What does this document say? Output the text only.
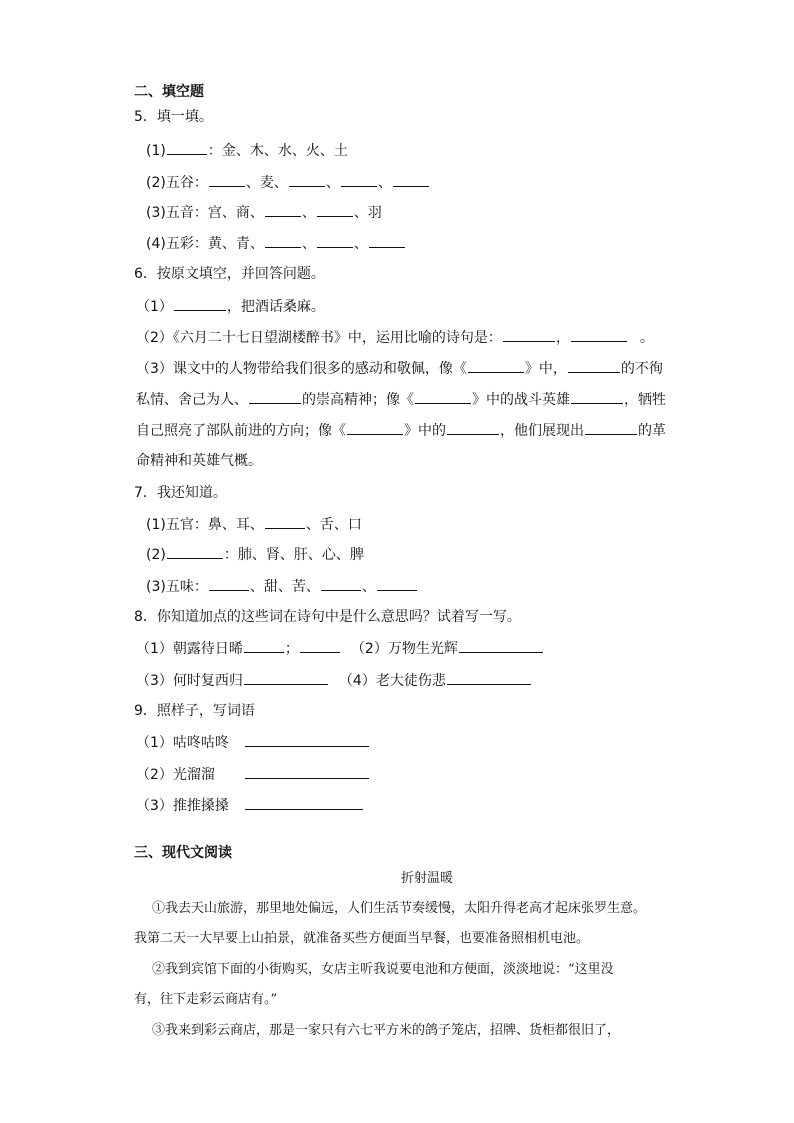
二、填空题
5．填一填。
(1)	：金、木、水、火、土
(2)五谷：	、麦、	、	、
(3)五音：宫、商、	、	、羽
(4)五彩：黄、青、	、	、
6．按原文填空，并回答问题。
（1）	，把酒话桑麻。
（2）《六月二十七日望湖楼醉书》中，运用比喻的诗句是：	，	。
（3）课文中的人物带给我们很多的感动和敬佩，像《	》中，	的不徇
私情、舍己为人、	的崇高精神；像《	》中的战斗英雄	，牺牲
自己照亮了部队前进的方向；像《	》中的	，他们展现出	的革
命精神和英雄气概。
7．我还知道。
(1)五官：鼻、耳、	、舌、口
(2)	：肺、肾、肝、心、脾
(3)五味：	、甜、苦、	、
8．你知道加点的这些词在诗句中是什么意思吗？试着写一写。
（1）朝露待日晞	；	（2）万物生光辉
（3）何时复西归	（4）老大徒伤悲
9．照样子，写词语
（1）咕咚咕咚
（2）光溜溜
（3）推推搡搡
三、现代文阅读
折射温暖
①我去天山旅游，那里地处偏远，人们生活节奏缓慢，太阳升得老高才起床张罗生意。
我第二天一大早要上山拍景，就准备买些方便面当早餐，也要准备照相机电池。
②我到宾馆下面的小街购买，女店主听我说要电池和方便面，淡淡地说：“这里没
有，往下走彩云商店有。”
③我来到彩云商店，那是一家只有六七平方米的鸽子笼店，招牌、货柜都很旧了，
